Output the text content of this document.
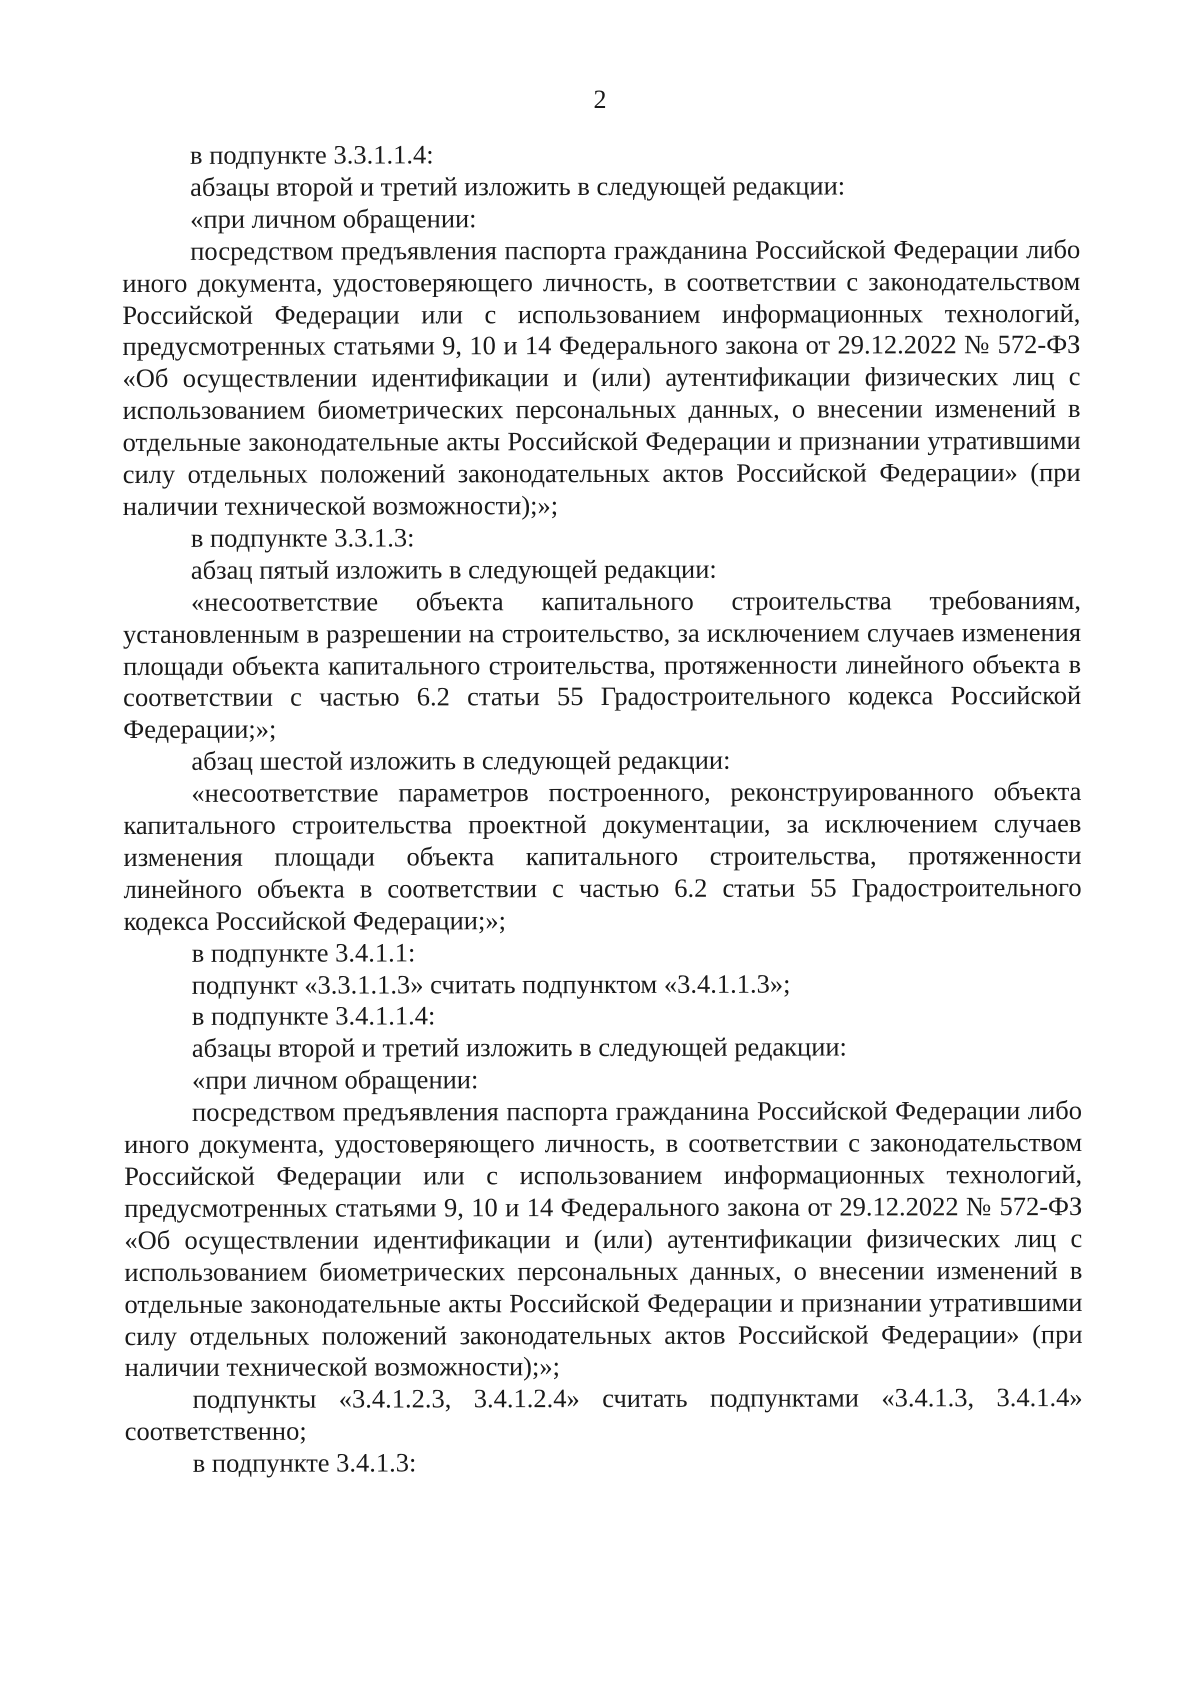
2

в подпункте 3.3.1.1.4:

абзацы второй и третий изложить в следующей редакции:

«при личном обращении:

посредством предъявления паспорта гражданина Российской Федерации либо иного документа, удостоверяющего личность, в соответствии с законодательством Российской Федерации или с использованием информационных технологий, предусмотренных статьями 9, 10 и 14 Федерального закона от 29.12.2022 № 572-ФЗ «Об осуществлении идентификации и (или) аутентификации физических лиц с использованием биометрических персональных данных, о внесении изменений в отдельные законодательные акты Российской Федерации и признании утратившими силу отдельных положений законодательных актов Российской Федерации» (при наличии технической возможности);»;

в подпункте 3.3.1.3:

абзац пятый изложить в следующей редакции:

«несоответствие объекта капитального строительства требованиям, установленным в разрешении на строительство, за исключением случаев изменения площади объекта капитального строительства, протяженности линейного объекта в соответствии с частью 6.2 статьи 55 Градостроительного кодекса Российской Федерации;»;

абзац шестой изложить в следующей редакции:

«несоответствие параметров построенного, реконструированного объекта капитального строительства проектной документации, за исключением случаев изменения площади объекта капитального строительства, протяженности линейного объекта в соответствии с частью 6.2 статьи 55 Градостроительного кодекса Российской Федерации;»;

в подпункте 3.4.1.1:

подпункт «3.3.1.1.3» считать подпунктом «3.4.1.1.3»;

в подпункте 3.4.1.1.4:

абзацы второй и третий изложить в следующей редакции:

«при личном обращении:

посредством предъявления паспорта гражданина Российской Федерации либо иного документа, удостоверяющего личность, в соответствии с законодательством Российской Федерации или с использованием информационных технологий, предусмотренных статьями 9, 10 и 14 Федерального закона от 29.12.2022 № 572-ФЗ «Об осуществлении идентификации и (или) аутентификации физических лиц с использованием биометрических персональных данных, о внесении изменений в отдельные законодательные акты Российской Федерации и признании утратившими силу отдельных положений законодательных актов Российской Федерации» (при наличии технической возможности);»;

подпункты «3.4.1.2.3, 3.4.1.2.4» считать подпунктами «3.4.1.3, 3.4.1.4» соответственно;

в подпункте 3.4.1.3:
